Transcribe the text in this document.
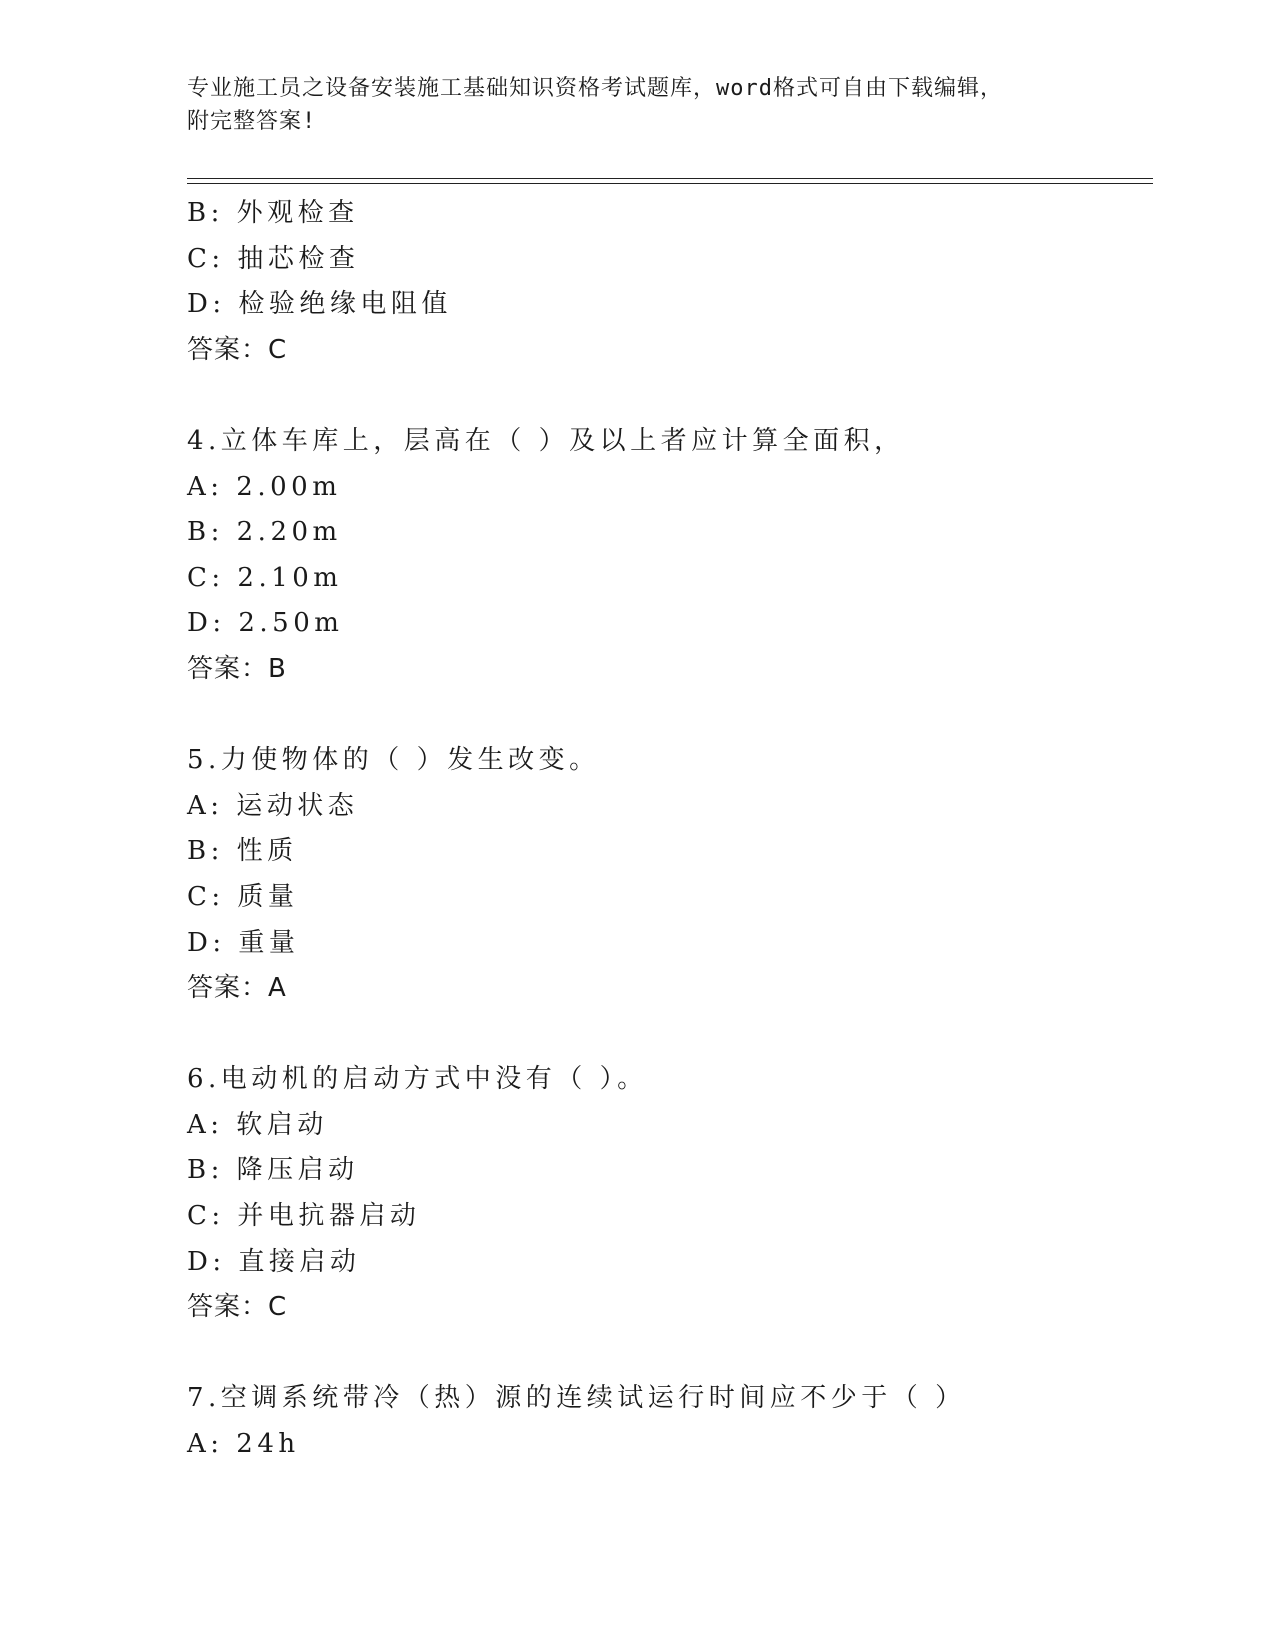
专业施工员之设备安装施工基础知识资格考试题库，word格式可自由下载编辑，
附完整答案!
B: 外观检查
C: 抽芯检查
D: 检验绝缘电阻值
答案：C
4.立体车库上，层高在（ ）及以上者应计算全面积，
A: 2.00m
B: 2.20m
C: 2.10m
D: 2.50m
答案：B
5.力使物体的（ ）发生改变。
A: 运动状态
B: 性质
C: 质量
D: 重量
答案：A
6.电动机的启动方式中没有（ ）。
A: 软启动
B: 降压启动
C: 并电抗器启动
D: 直接启动
答案：C
7.空调系统带冷（热）源的连续试运行时间应不少于（ ）
A: 24h
